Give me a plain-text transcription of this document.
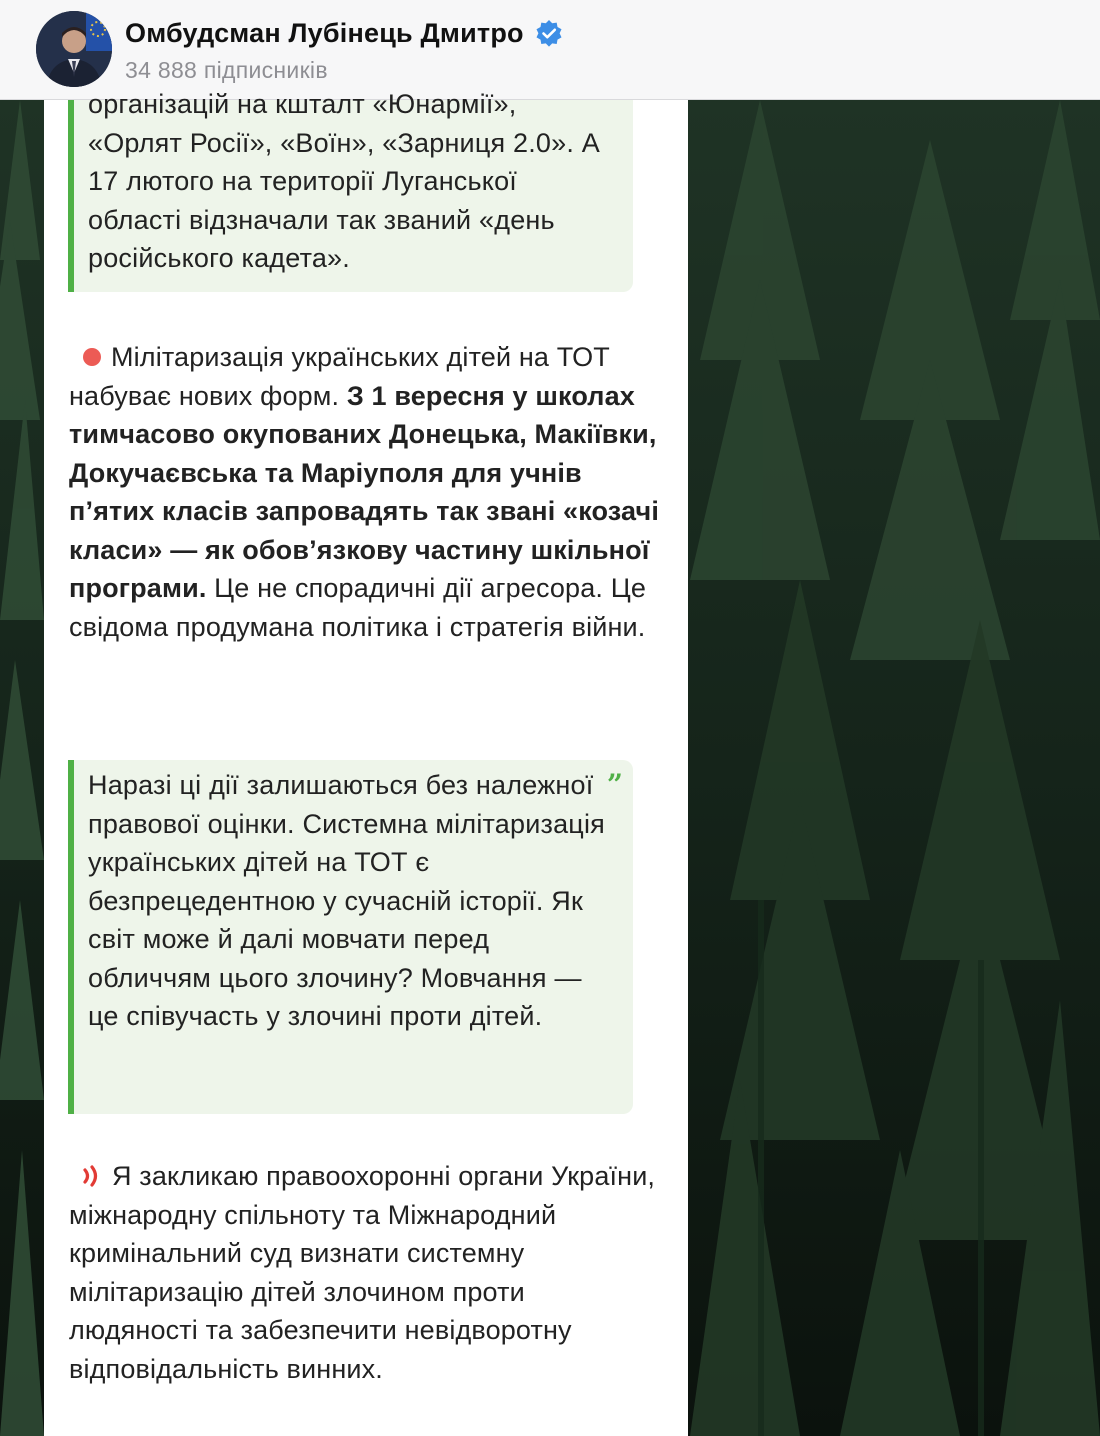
Омбудсман Лубінець Дмитро
34 888 підписників
організацій на кшталт «Юнармії», «Орлят Росії», «Воїн», «Зарниця 2.0». А 17 лютого на території Луганської області відзначали так званий «день російського кадета».
Мілітаризація українських дітей на ТОТ набуває нових форм. З 1 вересня у школах тимчасово окупованих Донецька, Макіївки, Докучаєвська та Маріуполя для учнів п’ятих класів запровадять так звані «козачі класи» — як обов’язкову частину шкільної програми. Це не спорадичні дії агресора. Це свідома продумана політика і стратегія війни.
Наразі ці дії залишаються без належної правової оцінки. Системна мілітаризація українських дітей на ТОТ є безпрецедентною у сучасній історії. Як світ може й далі мовчати перед обличчям цього злочину? Мовчання — це співучасть у злочині проти дітей.
”
Я закликаю правоохоронні органи України, міжнародну спільноту та Міжнародний кримінальний суд визнати системну мілітаризацію дітей злочином проти людяності та забезпечити невідворотну відповідальність винних.
